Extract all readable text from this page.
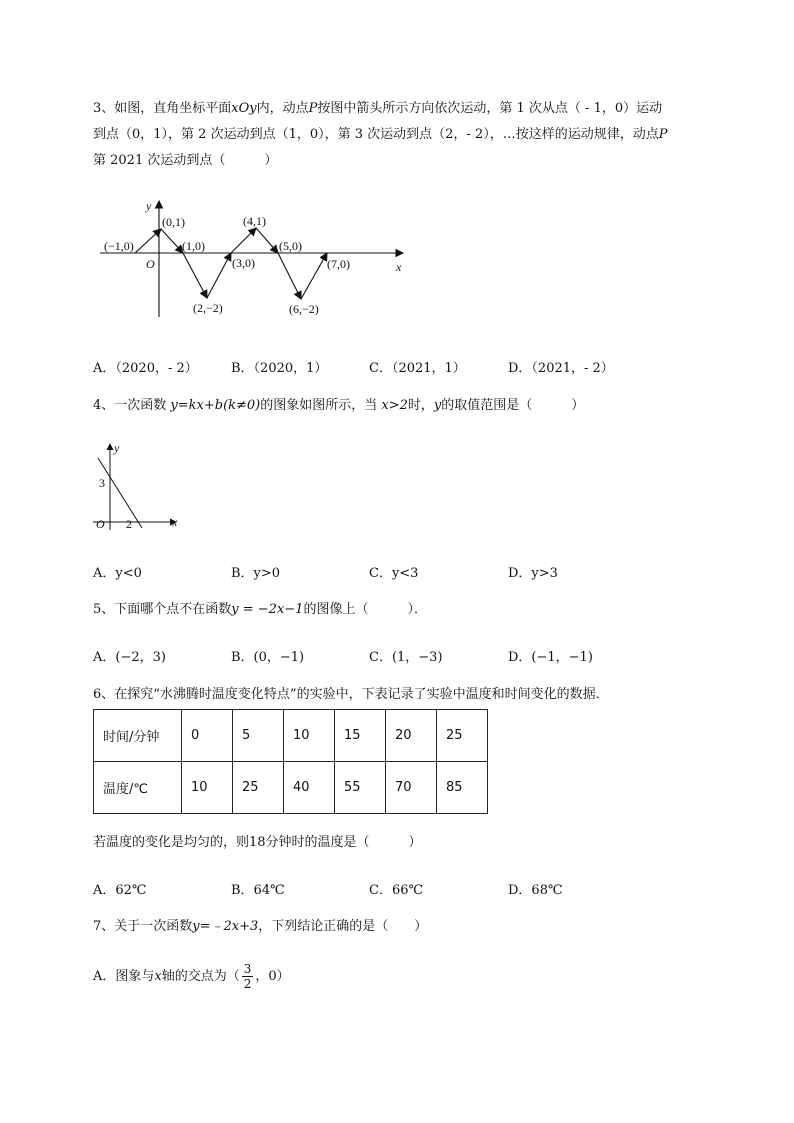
3、如图，直角坐标平面xOy内，动点P按图中箭头所示方向依次运动，第 1 次从点（ - 1，0）运动
到点（0，1），第 2 次运动到点（1，0），第 3 次运动到点（2，- 2），…按这样的运动规律，动点P
第 2021 次运动到点（　　　）
y
x
O
(−1,0)
(0,1)
(1,0)
(2,−2)
(3,0)
(4,1)
(5,0)
(6,−2)
(7,0)
A．（2020，- 2）	B．（2020，1）	C．（2021，1）	D．（2021，- 2）
4、一次函数 y=kx+b(k≠0)的图象如图所示，当 x>2时，y的取值范围是（　　　）
y
x
O
3
2
A．y<0	B．y>0	C．y<3	D．y>3
5、下面哪个点不在函数y = −2x−1的图像上（　　　）．
A．(−2，3)	B．(0，−1)	C．(1，−3)	D．(−1，−1)
6、在探究“水沸腾时温度变化特点”的实验中，下表记录了实验中温度和时间变化的数据．
时间/分钟	0	5	10	15	20	25
温度/℃	10	25	40	55	70	85
若温度的变化是均匀的，则18分钟时的温度是（　　　）
A．62℃	B．64℃	C．66℃	D．68℃
7、关于一次函数y=﹣2x+3，下列结论正确的是（　　）
A．图象与x轴的交点为（ $\frac{3}{2}$ ，0）
